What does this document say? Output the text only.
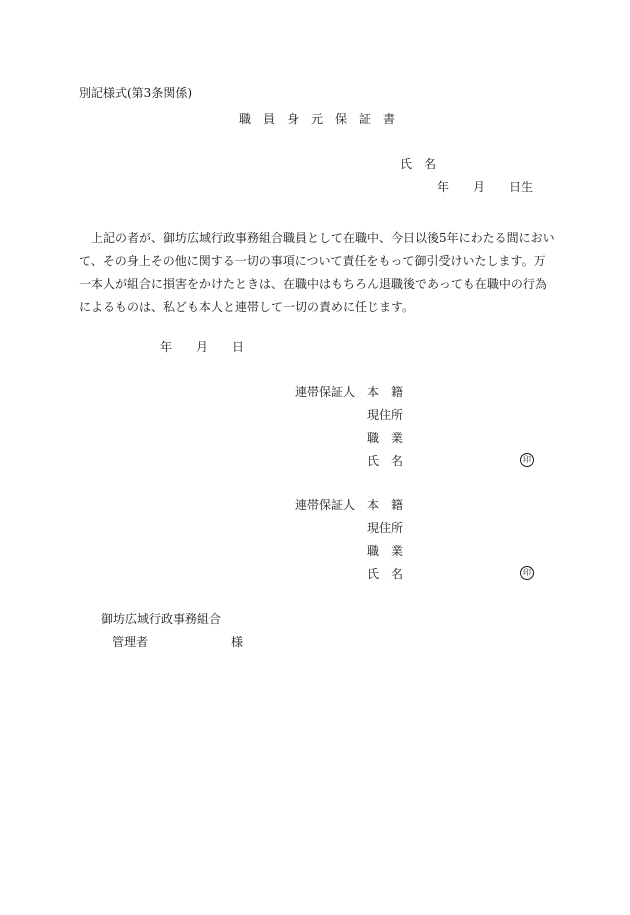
別記様式(第3条関係)
職　員　身　元　保　証　書
氏　名
年　　月　　日生
　上記の者が、御坊広域行政事務組合職員として在職中、今日以後5年にわたる間におい
て、その身上その他に関する一切の事項について責任をもって御引受けいたします。万
一本人が組合に損害をかけたときは、在職中はもちろん退職後であっても在職中の行為
によるものは、私ども本人と連帯して一切の責めに任じます。
年　　月　　日
連帯保証人 本　籍
現住所
職　業
氏　名	印
連帯保証人 本　籍
現住所
職　業
氏　名	印
御坊広域行政事務組合
管理者	様
